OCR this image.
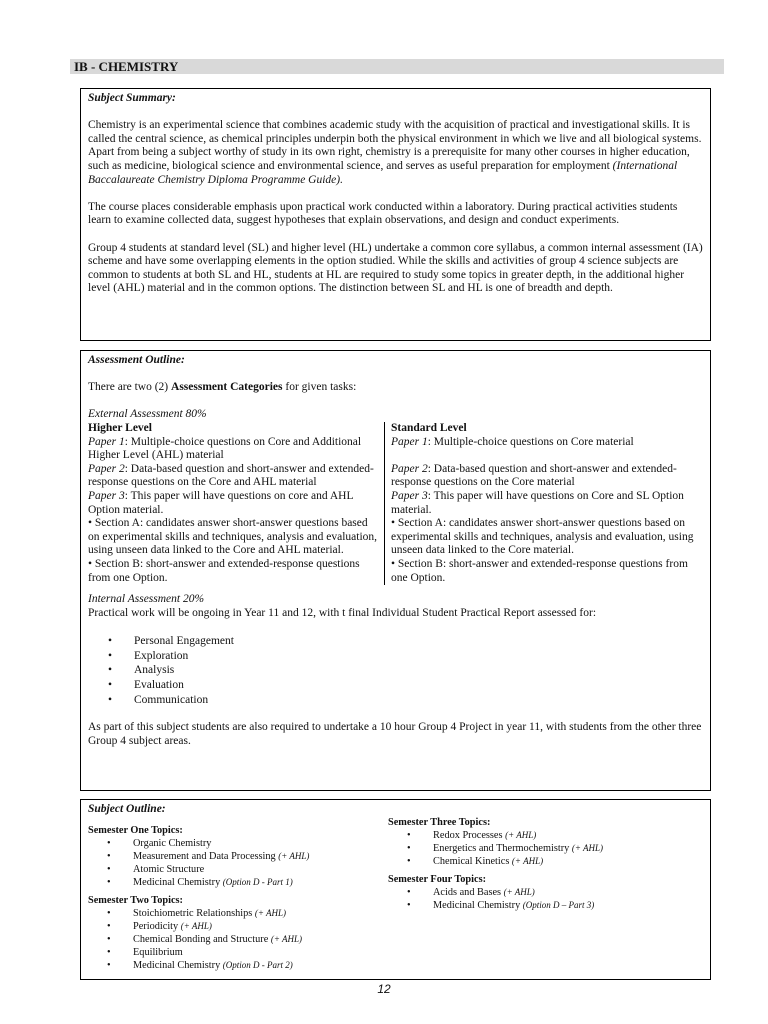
IB - CHEMISTRY

Subject Summary:

Chemistry is an experimental science that combines academic study with the acquisition of practical and investigational skills. It is called the central science, as chemical principles underpin both the physical environment in which we live and all biological systems. Apart from being a subject worthy of study in its own right, chemistry is a prerequisite for many other courses in higher education, such as medicine, biological science and environmental science, and serves as useful preparation for employment (International Baccalaureate Chemistry Diploma Programme Guide).

The course places considerable emphasis upon practical work conducted within a laboratory. During practical activities students learn to examine collected data, suggest hypotheses that explain observations, and design and conduct experiments.

Group 4 students at standard level (SL) and higher level (HL) undertake a common core syllabus, a common internal assessment (IA) scheme and have some overlapping elements in the option studied. While the skills and activities of group 4 science subjects are common to students at both SL and HL, students at HL are required to study some topics in greater depth, in the additional higher level (AHL) material and in the common options. The distinction between SL and HL is one of breadth and depth.

Assessment Outline:

There are two (2) Assessment Categories for given tasks:

External Assessment 80%

Higher Level

Paper 1: Multiple-choice questions on Core and Additional Higher Level (AHL) material

Paper 2: Data-based question and short-answer and extended-response questions on the Core and AHL material

Paper 3: This paper will have questions on core and AHL Option material.

• Section A: candidates answer short-answer questions based on experimental skills and techniques, analysis and evaluation, using unseen data linked to the Core and AHL material.

• Section B: short-answer and extended-response questions from one Option.

Standard Level

Paper 1: Multiple-choice questions on Core material

Paper 2: Data-based question and short-answer and extended-response questions on the Core material

Paper 3: This paper will have questions on Core and SL Option material.

• Section A: candidates answer short-answer questions based on experimental skills and techniques, analysis and evaluation, using unseen data linked to the Core material.

• Section B: short-answer and extended-response questions from one Option.

Internal Assessment 20%

Practical work will be ongoing in Year 11 and 12, with t final Individual Student Practical Report assessed for:

• Personal Engagement
• Exploration
• Analysis
• Evaluation
• Communication

As part of this subject students are also required to undertake a 10 hour Group 4 Project in year 11, with students from the other three Group 4 subject areas.

Subject Outline:

Semester One Topics:

• Organic Chemistry
• Measurement and Data Processing (+ AHL)
• Atomic Structure
• Medicinal Chemistry (Option D - Part 1)

Semester Two Topics:

• Stoichiometric Relationships (+ AHL)
• Periodicity (+ AHL)
• Chemical Bonding and Structure (+ AHL)
• Equilibrium
• Medicinal Chemistry (Option D - Part 2)

Semester Three Topics:

• Redox Processes (+ AHL)
• Energetics and Thermochemistry (+ AHL)
• Chemical Kinetics (+ AHL)

Semester Four Topics:

• Acids and Bases (+ AHL)
• Medicinal Chemistry (Option D – Part 3)
12
